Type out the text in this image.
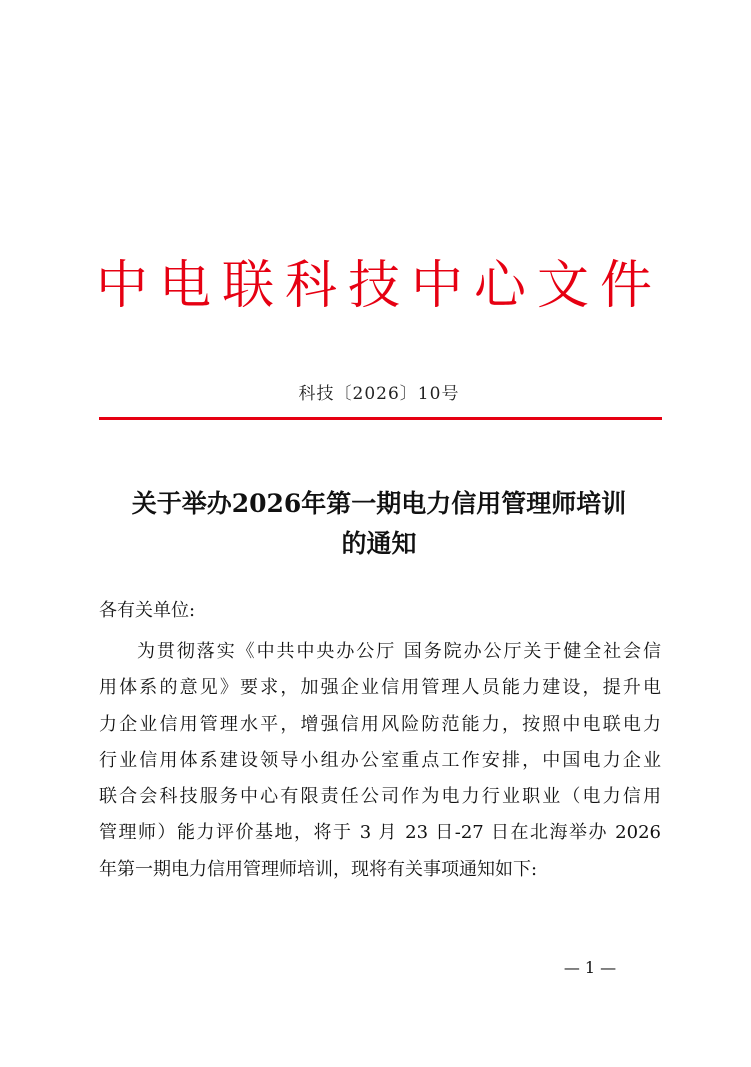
中电联科技中心文件
科技〔2026〕10号
关于举办2026年第一期电力信用管理师培训
的通知
各有关单位:
为贯彻落实《中共中央办公厅 国务院办公厅关于健全社会信
用体系的意见》要求，加强企业信用管理人员能力建设，提升电
力企业信用管理水平，增强信用风险防范能力，按照中电联电力
行业信用体系建设领导小组办公室重点工作安排，中国电力企业
联合会科技服务中心有限责任公司作为电力行业职业（电力信用
管理师）能力评价基地，将于 3 月 23 日-27 日在北海举办 2026
年第一期电力信用管理师培训，现将有关事项通知如下:
— 1 —
